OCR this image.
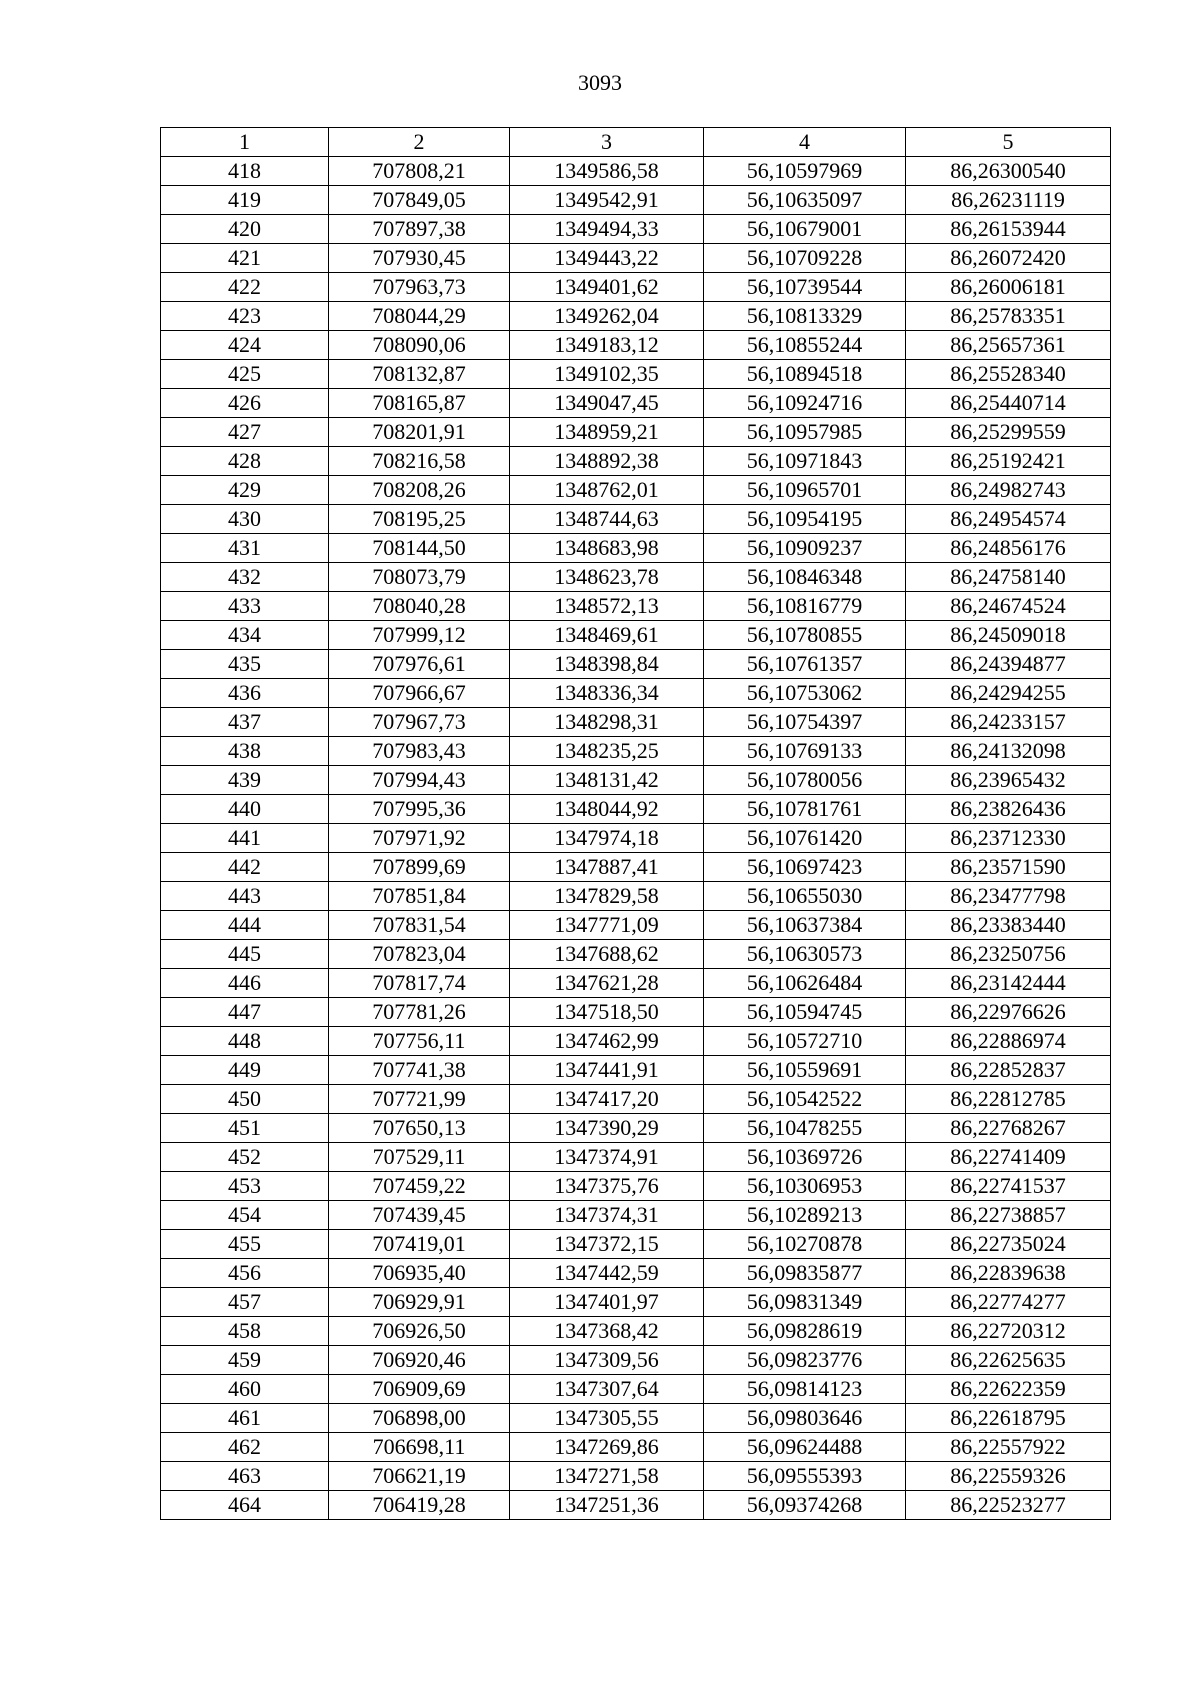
3093
1	2	3	4	5
418	707808,21	1349586,58	56,10597969	86,26300540
419	707849,05	1349542,91	56,10635097	86,26231119
420	707897,38	1349494,33	56,10679001	86,26153944
421	707930,45	1349443,22	56,10709228	86,26072420
422	707963,73	1349401,62	56,10739544	86,26006181
423	708044,29	1349262,04	56,10813329	86,25783351
424	708090,06	1349183,12	56,10855244	86,25657361
425	708132,87	1349102,35	56,10894518	86,25528340
426	708165,87	1349047,45	56,10924716	86,25440714
427	708201,91	1348959,21	56,10957985	86,25299559
428	708216,58	1348892,38	56,10971843	86,25192421
429	708208,26	1348762,01	56,10965701	86,24982743
430	708195,25	1348744,63	56,10954195	86,24954574
431	708144,50	1348683,98	56,10909237	86,24856176
432	708073,79	1348623,78	56,10846348	86,24758140
433	708040,28	1348572,13	56,10816779	86,24674524
434	707999,12	1348469,61	56,10780855	86,24509018
435	707976,61	1348398,84	56,10761357	86,24394877
436	707966,67	1348336,34	56,10753062	86,24294255
437	707967,73	1348298,31	56,10754397	86,24233157
438	707983,43	1348235,25	56,10769133	86,24132098
439	707994,43	1348131,42	56,10780056	86,23965432
440	707995,36	1348044,92	56,10781761	86,23826436
441	707971,92	1347974,18	56,10761420	86,23712330
442	707899,69	1347887,41	56,10697423	86,23571590
443	707851,84	1347829,58	56,10655030	86,23477798
444	707831,54	1347771,09	56,10637384	86,23383440
445	707823,04	1347688,62	56,10630573	86,23250756
446	707817,74	1347621,28	56,10626484	86,23142444
447	707781,26	1347518,50	56,10594745	86,22976626
448	707756,11	1347462,99	56,10572710	86,22886974
449	707741,38	1347441,91	56,10559691	86,22852837
450	707721,99	1347417,20	56,10542522	86,22812785
451	707650,13	1347390,29	56,10478255	86,22768267
452	707529,11	1347374,91	56,10369726	86,22741409
453	707459,22	1347375,76	56,10306953	86,22741537
454	707439,45	1347374,31	56,10289213	86,22738857
455	707419,01	1347372,15	56,10270878	86,22735024
456	706935,40	1347442,59	56,09835877	86,22839638
457	706929,91	1347401,97	56,09831349	86,22774277
458	706926,50	1347368,42	56,09828619	86,22720312
459	706920,46	1347309,56	56,09823776	86,22625635
460	706909,69	1347307,64	56,09814123	86,22622359
461	706898,00	1347305,55	56,09803646	86,22618795
462	706698,11	1347269,86	56,09624488	86,22557922
463	706621,19	1347271,58	56,09555393	86,22559326
464	706419,28	1347251,36	56,09374268	86,22523277
